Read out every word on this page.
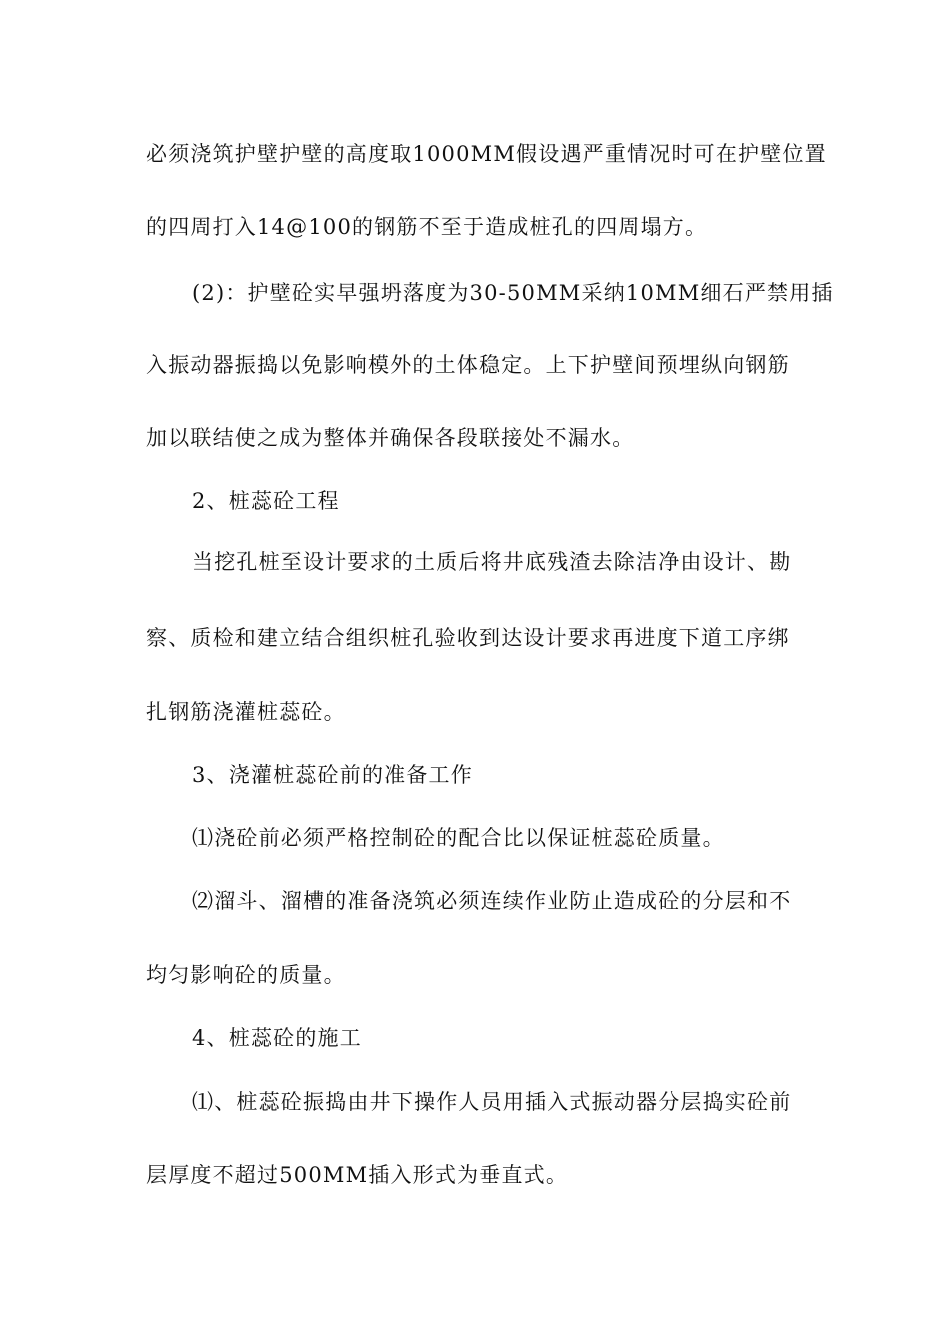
必须浇筑护壁护壁的高度取1000MM假设遇严重情况时可在护壁位置
的四周打入14@100的钢筋不至于造成桩孔的四周塌方。
(2)：护壁砼实早强坍落度为30-50MM采纳10MM细石严禁用插
入振动器振捣以免影响模外的土体稳定。上下护壁间预埋纵向钢筋
加以联结使之成为整体并确保各段联接处不漏水。
2、桩蕊砼工程
当挖孔桩至设计要求的土质后将井底残渣去除洁净由设计、勘
察、质检和建立结合组织桩孔验收到达设计要求再进度下道工序绑
扎钢筋浇灌桩蕊砼。
3、浇灌桩蕊砼前的准备工作
⑴浇砼前必须严格控制砼的配合比以保证桩蕊砼质量。
⑵溜斗、溜槽的准备浇筑必须连续作业防止造成砼的分层和不
均匀影响砼的质量。
4、桩蕊砼的施工
⑴、桩蕊砼振捣由井下操作人员用插入式振动器分层捣实砼前
层厚度不超过500MM插入形式为垂直式。
